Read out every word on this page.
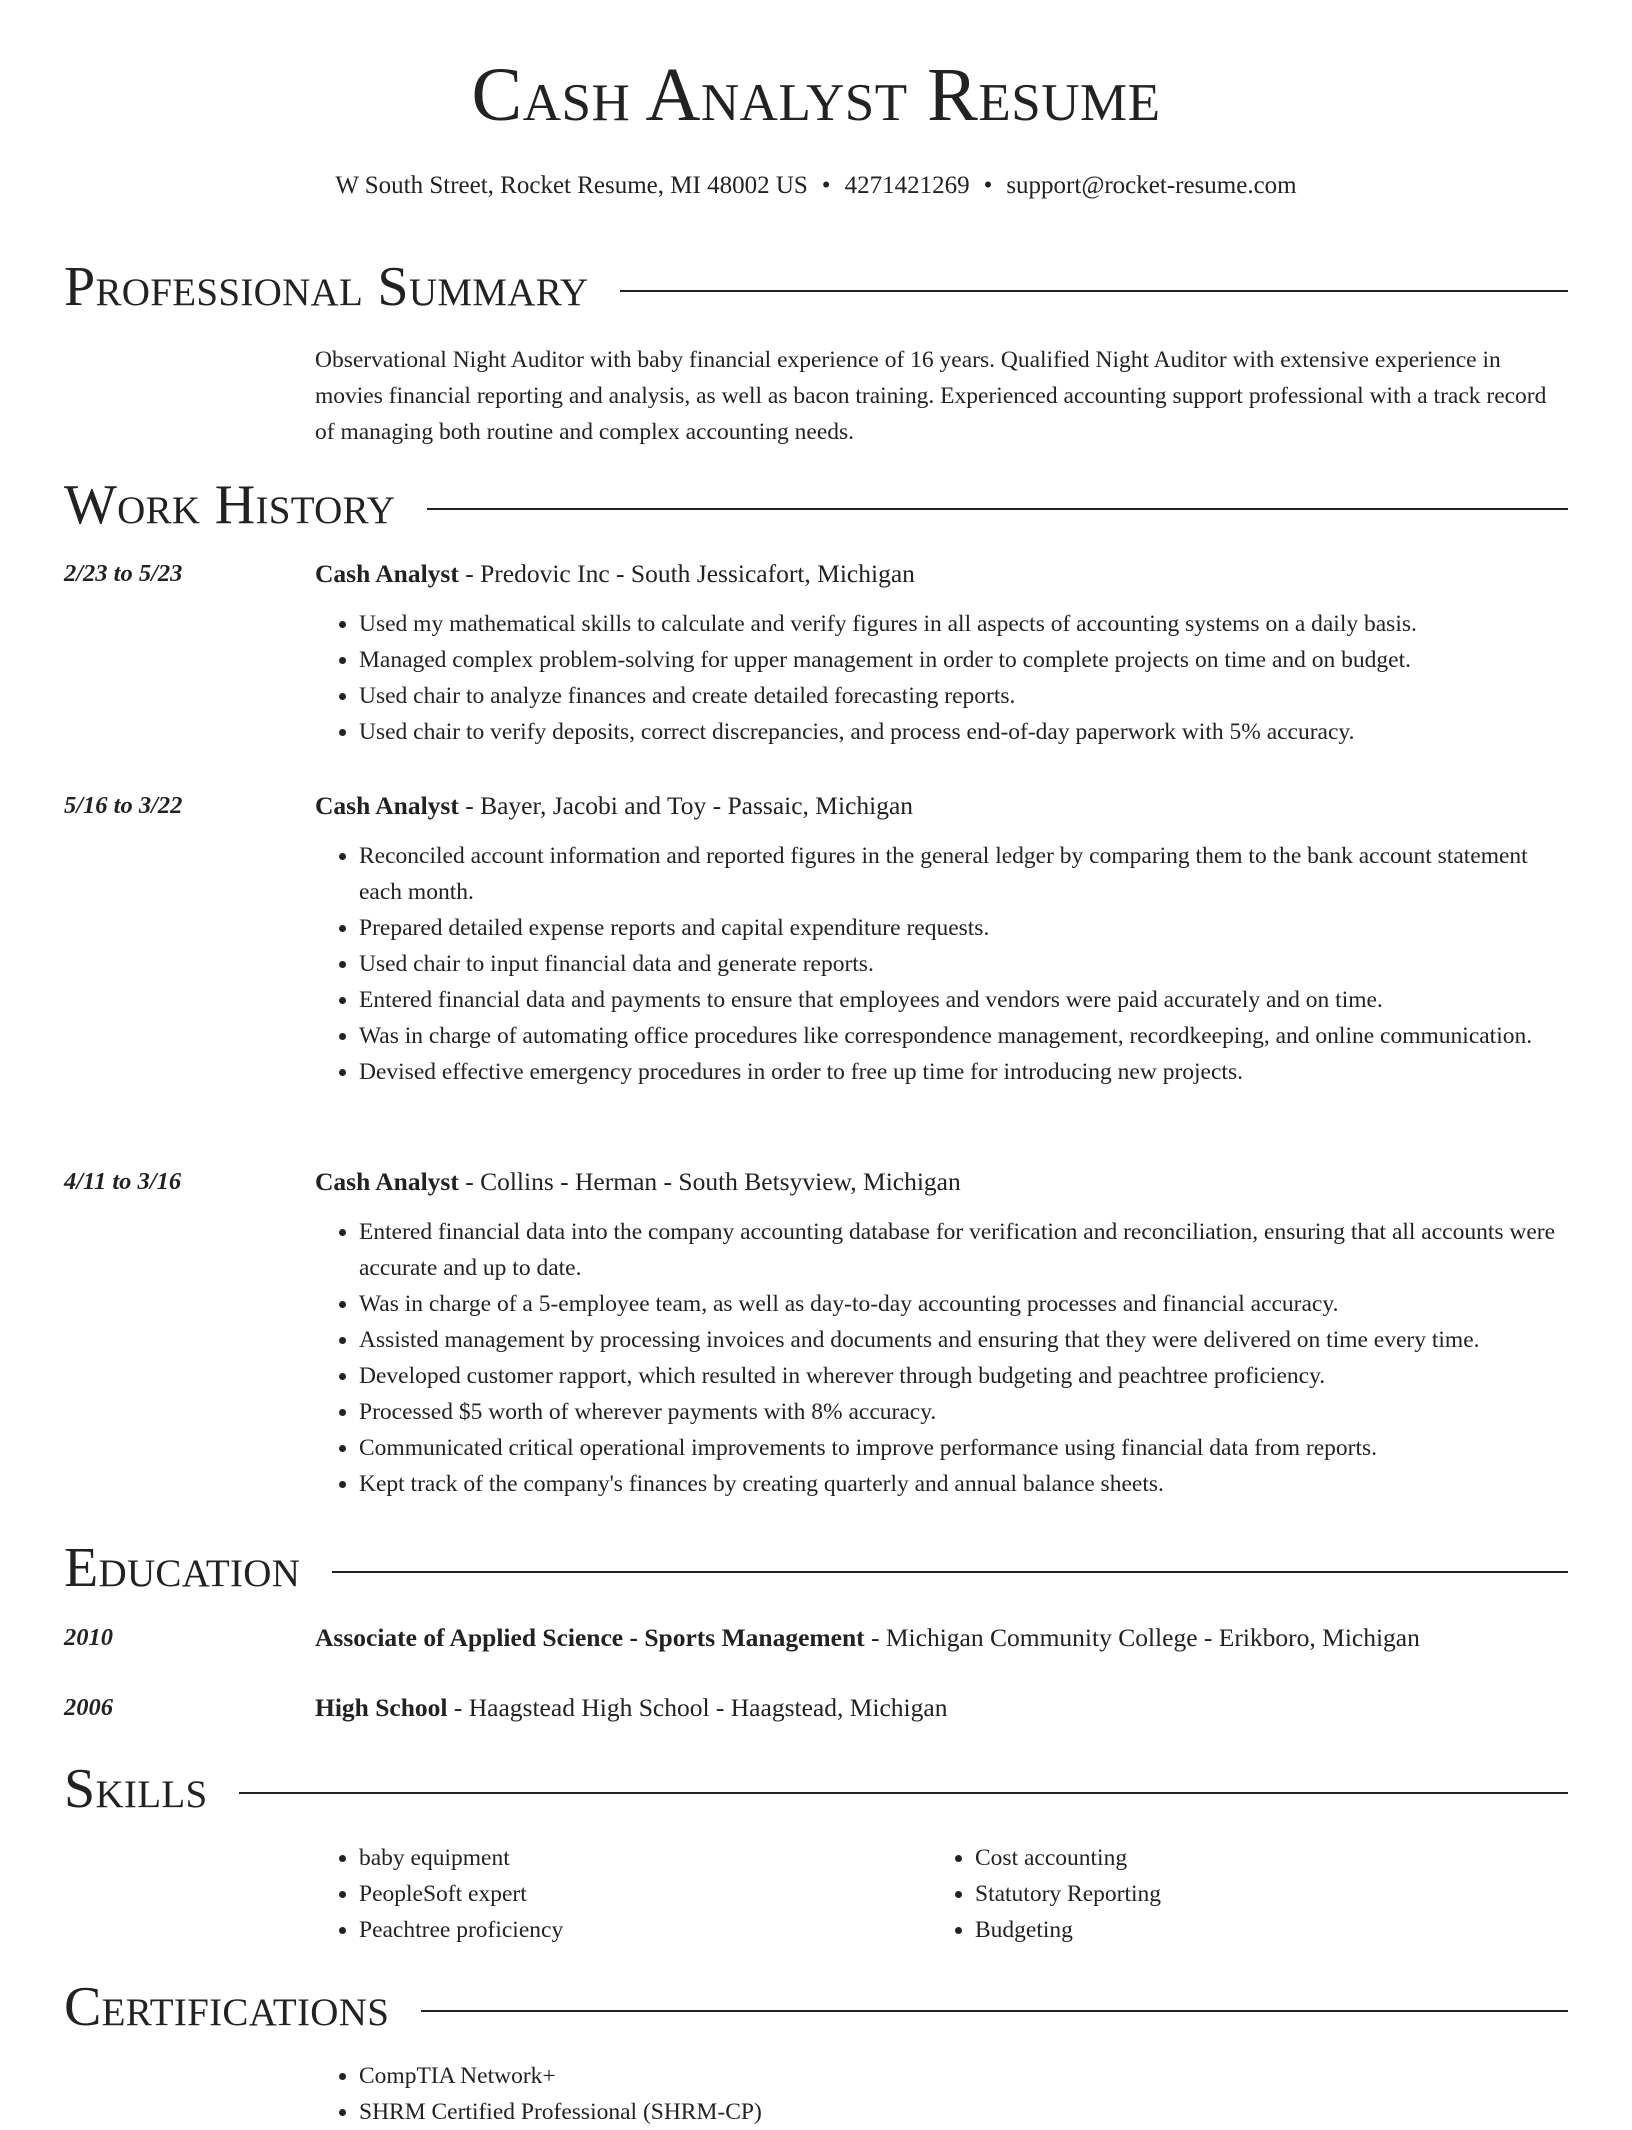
Cash Analyst Resume
W South Street, Rocket Resume, MI 48002 US • 4271421269 • support@rocket-resume.com
Professional Summary
Observational Night Auditor with baby financial experience of 16 years. Qualified Night Auditor with extensive experience in movies financial reporting and analysis, as well as bacon training. Experienced accounting support professional with a track record of managing both routine and complex accounting needs.
Work History
2/23 to 5/23	Cash Analyst - Predovic Inc - South Jessicafort, Michigan
• Used my mathematical skills to calculate and verify figures in all aspects of accounting systems on a daily basis.
• Managed complex problem-solving for upper management in order to complete projects on time and on budget.
• Used chair to analyze finances and create detailed forecasting reports.
• Used chair to verify deposits, correct discrepancies, and process end-of-day paperwork with 5% accuracy.
5/16 to 3/22	Cash Analyst - Bayer, Jacobi and Toy - Passaic, Michigan
• Reconciled account information and reported figures in the general ledger by comparing them to the bank account statement each month.
• Prepared detailed expense reports and capital expenditure requests.
• Used chair to input financial data and generate reports.
• Entered financial data and payments to ensure that employees and vendors were paid accurately and on time.
• Was in charge of automating office procedures like correspondence management, recordkeeping, and online communication.
• Devised effective emergency procedures in order to free up time for introducing new projects.
4/11 to 3/16	Cash Analyst - Collins - Herman - South Betsyview, Michigan
• Entered financial data into the company accounting database for verification and reconciliation, ensuring that all accounts were accurate and up to date.
• Was in charge of a 5-employee team, as well as day-to-day accounting processes and financial accuracy.
• Assisted management by processing invoices and documents and ensuring that they were delivered on time every time.
• Developed customer rapport, which resulted in wherever through budgeting and peachtree proficiency.
• Processed $5 worth of wherever payments with 8% accuracy.
• Communicated critical operational improvements to improve performance using financial data from reports.
• Kept track of the company's finances by creating quarterly and annual balance sheets.
Education
2010	Associate of Applied Science - Sports Management - Michigan Community College - Erikboro, Michigan
2006	High School - Haagstead High School - Haagstead, Michigan
Skills
• baby equipment
• PeopleSoft expert
• Peachtree proficiency
• Cost accounting
• Statutory Reporting
• Budgeting
Certifications
• CompTIA Network+
• SHRM Certified Professional (SHRM-CP)
